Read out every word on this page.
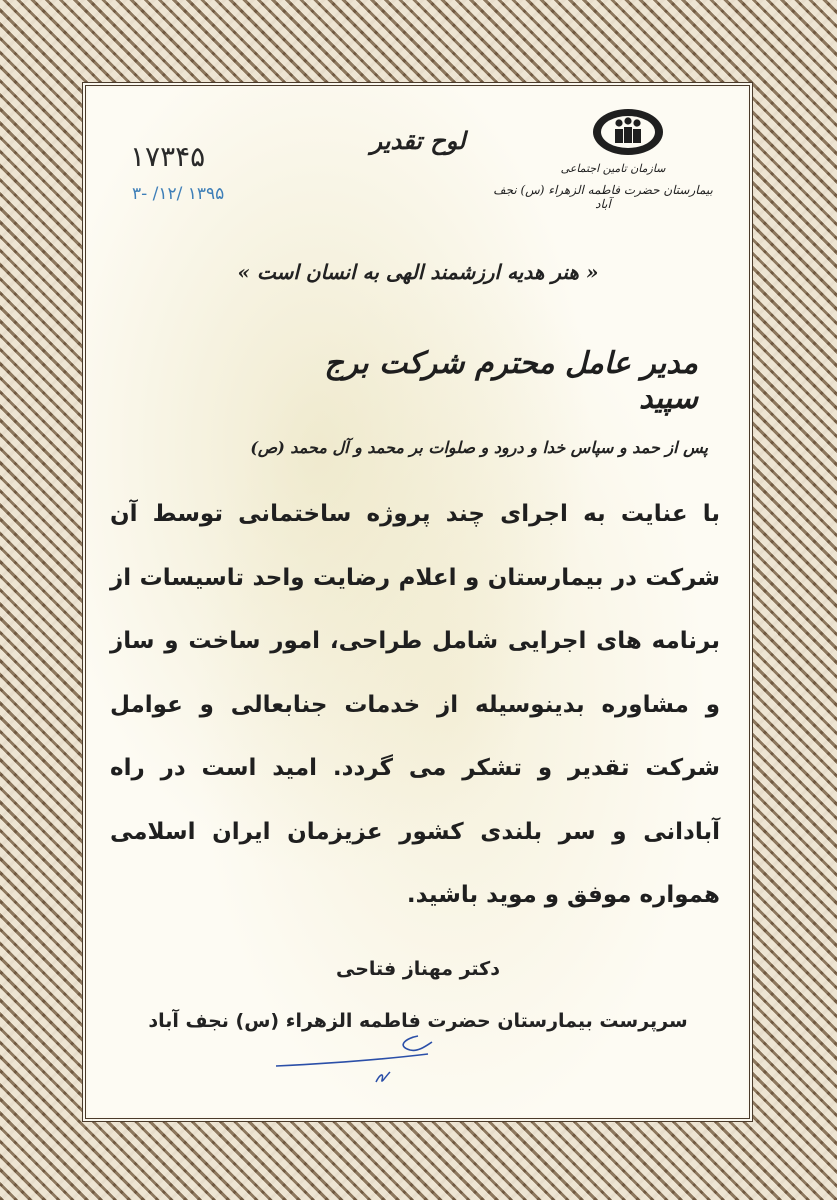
لوح تقدیر
۱۷۳۴۵
۳- /۱۲/ ۱۳۹۵
سازمان تامین اجتماعی
بیمارستان حضرت فاطمه الزهراء (س) نجف آباد
« هنر هدیه ارزشمند الهی به انسان است »
مدیر عامل محترم شرکت برج سپید
پس از حمد و سپاس خدا و درود و صلوات بر محمد و آل محمد (ص)
با عنایت به اجرای چند پروژه ساختمانی توسط آن شرکت در بیمارستان و اعلام رضایت واحد تاسیسات از برنامه های اجرایی شامل طراحی، امور ساخت و ساز و مشاوره بدینوسیله از خدمات جنابعالی و عوامل شرکت تقدیر و تشکر می گردد. امید است در راه آبادانی و سر بلندی کشور عزیزمان ایران اسلامی همواره موفق و موید باشید.
دکتر مهناز فتاحی
سرپرست بیمارستان حضرت فاطمه الزهراء (س) نجف آباد
